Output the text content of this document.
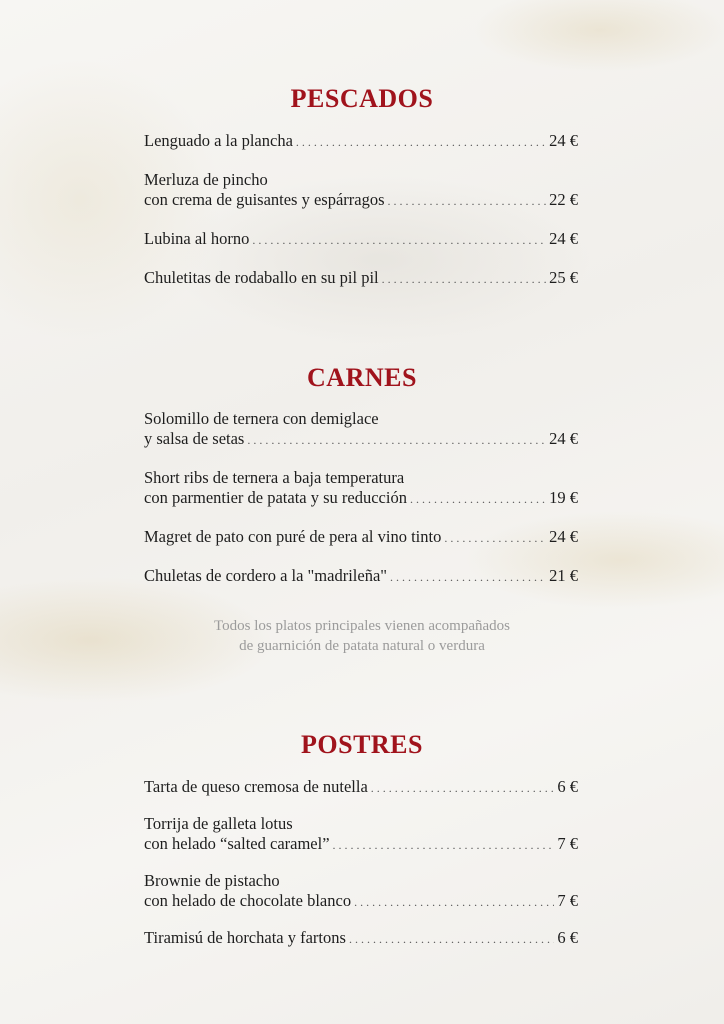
PESCADOS
Lenguado a la plancha . . .	24 €
Merluza de pincho
con crema de guisantes y espárragos . . .	22 €
Lubina al horno . . .	24 €
Chuletitas de rodaballo en su pil pil . . .	25 €
CARNES
Solomillo de ternera con demiglace
y salsa de setas . . .	24 €
Short ribs de ternera a baja temperatura
con parmentier de patata y su reducción . . .	19 €
Magret de pato con puré de pera al vino tinto . . .	24 €
Chuletas de cordero a la "madrileña" . . .	21 €
Todos los platos principales vienen acompañados
de guarnición de patata natural o verdura
POSTRES
Tarta de queso cremosa de nutella . . .	6 €
Torrija de galleta lotus
con helado “salted caramel” . . .	7 €
Brownie de pistacho
con helado de chocolate blanco . . .	7 €
Tiramisú de horchata y fartons . . .	6 €
